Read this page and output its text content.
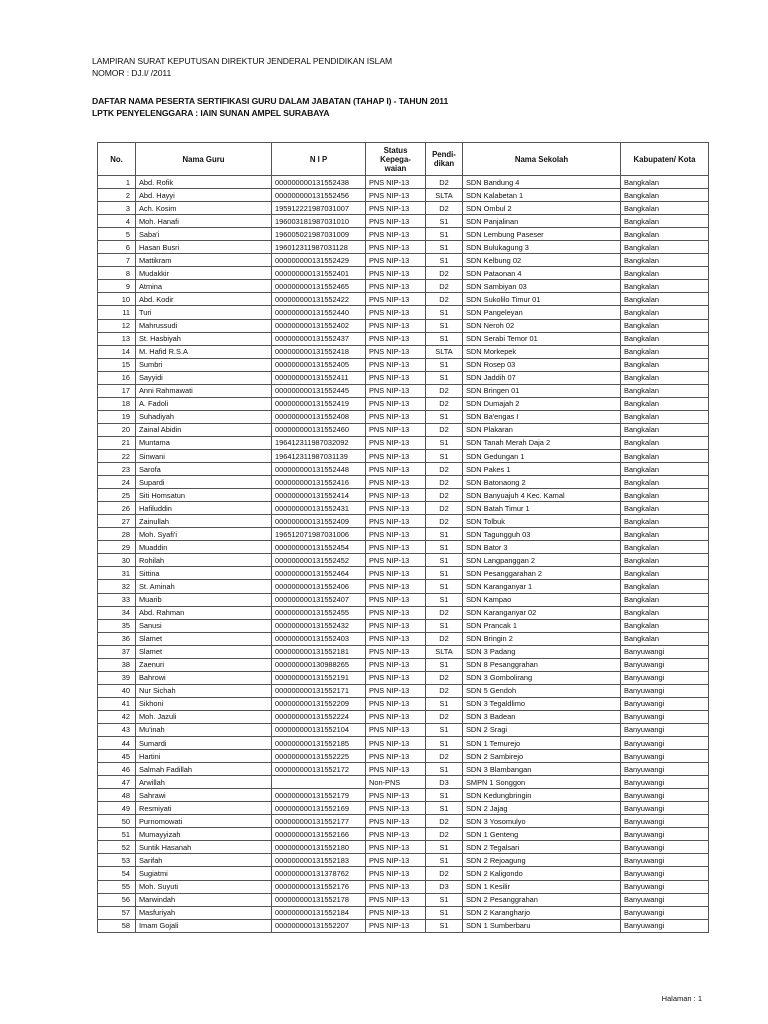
LAMPIRAN SURAT KEPUTUSAN DIREKTUR JENDERAL PENDIDIKAN ISLAM
NOMOR : DJ.I/ /2011
DAFTAR NAMA PESERTA SERTIFIKASI GURU DALAM JABATAN (TAHAP I) - TAHUN 2011
LPTK PENYELENGGARA : IAIN SUNAN AMPEL SURABAYA
No.	Nama Guru	N I P	Status Kepega- waian	Pendi- dikan	Nama Sekolah	Kabupaten/ Kota
1	Abd. Rofik	000000000131552438	PNS NIP-13	D2	SDN Bandung 4	Bangkalan
2	Abd. Hayyi	000000000131552456	PNS NIP-13	SLTA	SDN Kalabetan 1	Bangkalan
3	Ach. Kosim	195912221987031007	PNS NIP-13	D2	SDN Ombul 2	Bangkalan
4	Moh. Hanafi	196003181987031010	PNS NIP-13	S1	SDN Panjalinan	Bangkalan
5	Saba'i	196005021987031009	PNS NIP-13	S1	SDN Lembung Paseser	Bangkalan
6	Hasan Busri	196012311987031128	PNS NIP-13	S1	SDN Bulukagung 3	Bangkalan
7	Mattikram	000000000131552429	PNS NIP-13	S1	SDN Kelbung 02	Bangkalan
8	Mudakkir	000000000131552401	PNS NIP-13	D2	SDN Pataonan 4	Bangkalan
9	Atmina	000000000131552465	PNS NIP-13	D2	SDN Sambiyan 03	Bangkalan
10	Abd. Kodir	000000000131552422	PNS NIP-13	D2	SDN Sukolilo Timur 01	Bangkalan
11	Turi	000000000131552440	PNS NIP-13	S1	SDN Pangeleyan	Bangkalan
12	Mahrussudi	000000000131552402	PNS NIP-13	S1	SDN Neroh 02	Bangkalan
13	St. Hasbiyah	000000000131552437	PNS NIP-13	S1	SDN Serabi Temor 01	Bangkalan
14	M. Hafid R.S.A	000000000131552418	PNS NIP-13	SLTA	SDN Morkepek	Bangkalan
15	Sumbri	000000000131552405	PNS NIP-13	S1	SDN Rosep 03	Bangkalan
16	Sayyidi	000000000131552411	PNS NIP-13	S1	SDN Jaddih 07	Bangkalan
17	Anni Rahmawati	000000000131552445	PNS NIP-13	D2	SDN Bringen 01	Bangkalan
18	A. Fadoli	000000000131552419	PNS NIP-13	D2	SDN Dumajah 2	Bangkalan
19	Suhadiyah	000000000131552408	PNS NIP-13	S1	SDN Ba'engas I	Bangkalan
20	Zainal Abidin	000000000131552460	PNS NIP-13	D2	SDN Plakaran	Bangkalan
21	Muntama	196412311987032092	PNS NIP-13	S1	SDN Tanah Merah Daja 2	Bangkalan
22	Sinwani	196412311987031139	PNS NIP-13	S1	SDN Gedungan 1	Bangkalan
23	Sarofa	000000000131552448	PNS NIP-13	D2	SDN Pakes 1	Bangkalan
24	Supardi	000000000131552416	PNS NIP-13	D2	SDN Batonaong 2	Bangkalan
25	Siti Homsatun	000000000131552414	PNS NIP-13	D2	SDN Banyuajuh 4 Kec. Kamal	Bangkalan
26	Hafiluddin	000000000131552431	PNS NIP-13	D2	SDN Batah Timur 1	Bangkalan
27	Zainullah	000000000131552409	PNS NIP-13	D2	SDN Tolbuk	Bangkalan
28	Moh. Syafi'i	196512071987031006	PNS NIP-13	S1	SDN Tagungguh 03	Bangkalan
29	Muaddin	000000000131552454	PNS NIP-13	S1	SDN Bator 3	Bangkalan
30	Rohilah	000000000131552452	PNS NIP-13	S1	SDN Langpanggan 2	Bangkalan
31	Sittina	000000000131552464	PNS NIP-13	S1	SDN Pesanggarahan 2	Bangkalan
32	St. Aminah	000000000131552406	PNS NIP-13	S1	SDN Karanganyar 1	Bangkalan
33	Muarib	000000000131552407	PNS NIP-13	S1	SDN Kampao	Bangkalan
34	Abd. Rahman	000000000131552455	PNS NIP-13	D2	SDN Karanganyar 02	Bangkalan
35	Sanusi	000000000131552432	PNS NIP-13	S1	SDN Prancak 1	Bangkalan
36	Slamet	000000000131552403	PNS NIP-13	D2	SDN Bringin 2	Bangkalan
37	Slamet	000000000131552181	PNS NIP-13	SLTA	SDN 3 Padang	Banyuwangi
38	Zaenuri	000000000130988265	PNS NIP-13	S1	SDN 8 Pesanggrahan	Banyuwangi
39	Bahrowi	000000000131552191	PNS NIP-13	D2	SDN 3 Gombolirang	Banyuwangi
40	Nur Sichah	000000000131552171	PNS NIP-13	D2	SDN 5 Gendoh	Banyuwangi
41	Sikhoni	000000000131552209	PNS NIP-13	S1	SDN 3 Tegaldlimo	Banyuwangi
42	Moh. Jazuli	000000000131552224	PNS NIP-13	D2	SDN 3 Badean	Banyuwangi
43	Mu'inah	000000000131552104	PNS NIP-13	S1	SDN 2 Sragi	Banyuwangi
44	Sumardi	000000000131552185	PNS NIP-13	S1	SDN 1 Temurejo	Banyuwangi
45	Hartini	000000000131552225	PNS NIP-13	D2	SDN 2 Sambirejo	Banyuwangi
46	Salmah Fadillah	000000000131552172	PNS NIP-13	S1	SDN 3 Blambangan	Banyuwangi
47	Arwillah		Non-PNS	D3	SMPN 1 Songgon	Banyuwangi
48	Sahrawi	000000000131552179	PNS NIP-13	S1	SDN Kedungbringin	Banyuwangi
49	Resmiyati	000000000131552169	PNS NIP-13	S1	SDN 2 Jajag	Banyuwangi
50	Purnomowati	000000000131552177	PNS NIP-13	D2	SDN 3 Yosomulyo	Banyuwangi
51	Mumayyizah	000000000131552166	PNS NIP-13	D2	SDN 1 Genteng	Banyuwangi
52	Suntik Hasanah	000000000131552180	PNS NIP-13	S1	SDN 2 Tegalsari	Banyuwangi
53	Sarifah	000000000131552183	PNS NIP-13	S1	SDN 2 Rejoagung	Banyuwangi
54	Sugiatmi	000000000131378762	PNS NIP-13	D2	SDN 2 Kaligondo	Banyuwangi
55	Moh. Suyuti	000000000131552176	PNS NIP-13	D3	SDN 1 Kesilir	Banyuwangi
56	Marwindah	000000000131552178	PNS NIP-13	S1	SDN 2 Pesanggrahan	Banyuwangi
57	Masfuriyah	000000000131552184	PNS NIP-13	S1	SDN 2 Karangharjo	Banyuwangi
58	Imam Gojali	000000000131552207	PNS NIP-13	S1	SDN 1 Sumberbaru	Banyuwangi
Halaman : 1
